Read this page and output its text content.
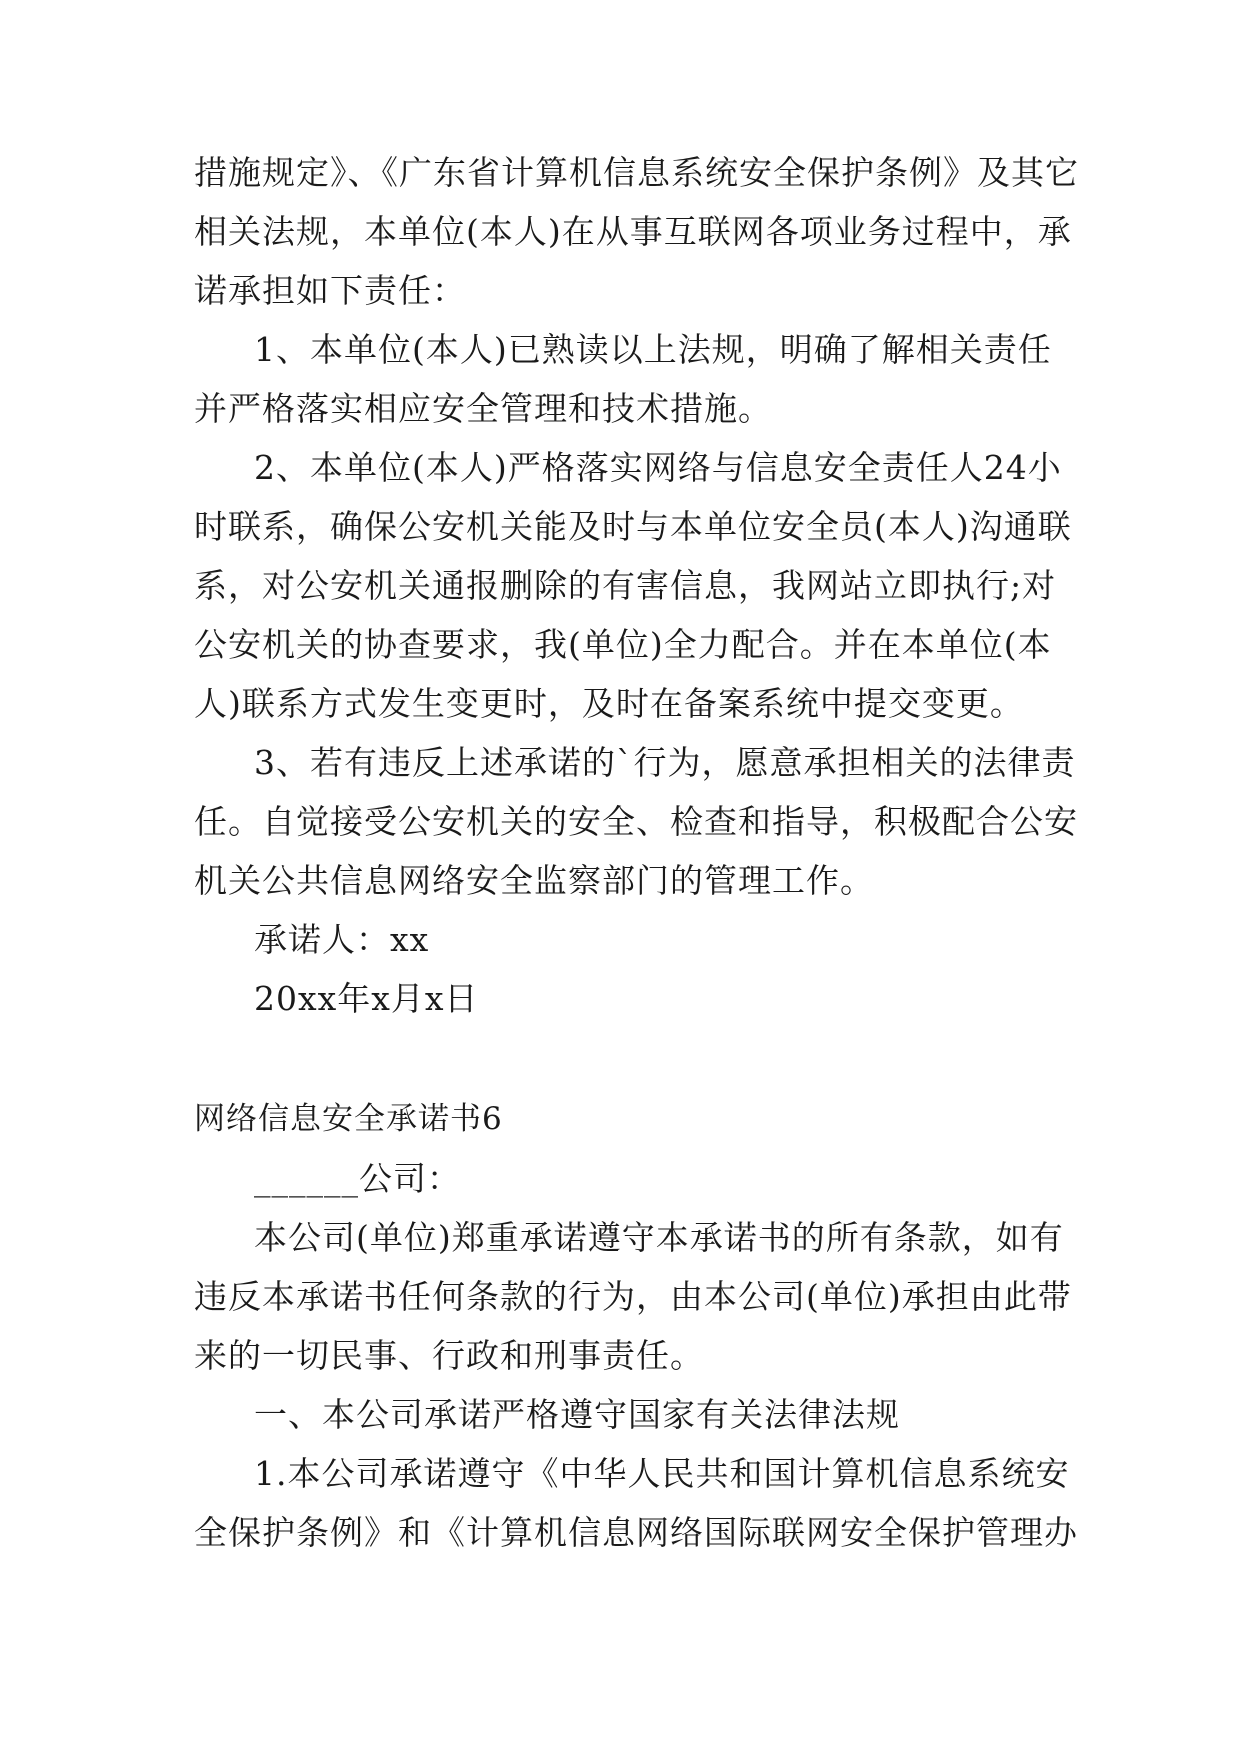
措施规定》、《广东省计算机信息系统安全保护条例》及其它
相关法规，本单位(本人)在从事互联网各项业务过程中，承
诺承担如下责任：
1、本单位(本人)已熟读以上法规，明确了解相关责任
并严格落实相应安全管理和技术措施。
2、本单位(本人)严格落实网络与信息安全责任人24小
时联系，确保公安机关能及时与本单位安全员(本人)沟通联
系，对公安机关通报删除的有害信息，我网站立即执行;对
公安机关的协查要求，我(单位)全力配合。并在本单位(本
人)联系方式发生变更时，及时在备案系统中提交变更。
3、若有违反上述承诺的`行为，愿意承担相关的法律责
任。自觉接受公安机关的安全、检查和指导，积极配合公安
机关公共信息网络安全监察部门的管理工作。
承诺人：xx
20xx年x月x日
网络信息安全承诺书6
______公司：
本公司(单位)郑重承诺遵守本承诺书的所有条款，如有
违反本承诺书任何条款的行为，由本公司(单位)承担由此带
来的一切民事、行政和刑事责任。
一、本公司承诺严格遵守国家有关法律法规
1.本公司承诺遵守《中华人民共和国计算机信息系统安
全保护条例》和《计算机信息网络国际联网安全保护管理办
